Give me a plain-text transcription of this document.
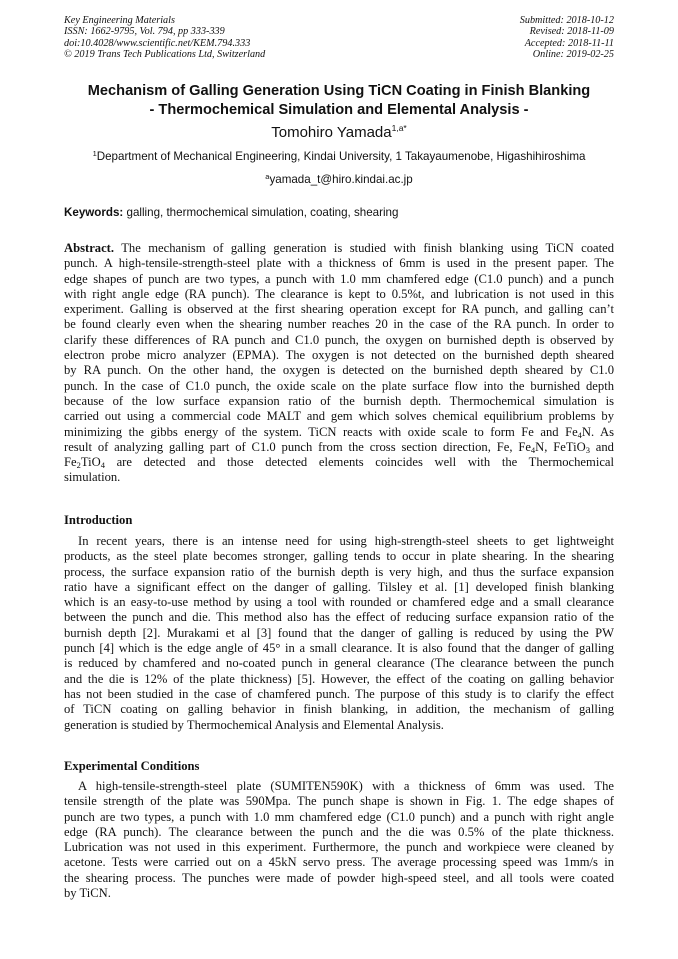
Key Engineering Materials
ISSN: 1662-9795, Vol. 794, pp 333-339
doi:10.4028/www.scientific.net/KEM.794.333
© 2019 Trans Tech Publications Ltd, Switzerland
Submitted: 2018-10-12
Revised: 2018-11-09
Accepted: 2018-11-11
Online: 2019-02-25
Mechanism of Galling Generation Using TiCN Coating in Finish Blanking
- Thermochemical Simulation and Elemental Analysis -
Tomohiro Yamada$^{1,a*}$
$^1$Department of Mechanical Engineering, Kindai University, 1 Takayaumenobe, Higashihiroshima
$^a$yamada_t@hiro.kindai.ac.jp
Keywords: galling, thermochemical simulation, coating, shearing
Abstract. The mechanism of galling generation is studied with finish blanking using TiCN coated
punch. A high-tensile-strength-steel plate with a thickness of 6mm is used in the present paper. The
edge shapes of punch are two types, a punch with 1.0 mm chamfered edge (C1.0 punch) and a punch
with right angle edge (RA punch). The clearance is kept to 0.5%t, and lubrication is not used in this
experiment. Galling is observed at the first shearing operation except for RA punch, and galling can’t
be found clearly even when the shearing number reaches 20 in the case of the RA punch. In order to
clarify these differences of RA punch and C1.0 punch, the oxygen on burnished depth is observed by
electron probe micro analyzer (EPMA). The oxygen is not detected on the burnished depth sheared
by RA punch. On the other hand, the oxygen is detected on the burnished depth sheared by C1.0
punch. In the case of C1.0 punch, the oxide scale on the plate surface flow into the burnished depth
because of the low surface expansion ratio of the burnish depth. Thermochemical simulation is
carried out using a commercial code MALT and gem which solves chemical equilibrium problems by
minimizing the gibbs energy of the system. TiCN reacts with oxide scale to form Fe and $Fe_4N$. As
result of analyzing galling part of C1.0 punch from the cross section direction, Fe, $Fe_4N$, FeTiO$_3$ and
$Fe_2TiO_4$ are detected and those detected elements coincides well with the Thermochemical
simulation.
Introduction
In recent years, there is an intense need for using high-strength-steel sheets to get lightweight
products, as the steel plate becomes stronger, galling tends to occur in plate shearing. In the shearing
process, the surface expansion ratio of the burnish depth is very high, and thus the surface expansion
ratio have a significant effect on the danger of galling. Tilsley et al. [1] developed finish blanking
which is an easy-to-use method by using a tool with rounded or chamfered edge and a small clearance
between the punch and die. This method also has the effect of reducing surface expansion ratio of the
burnish depth [2]. Murakami et al [3] found that the danger of galling is reduced by using the PW
punch [4] which is the edge angle of 45° in a small clearance. It is also found that the danger of galling
is reduced by chamfered and no-coated punch in general clearance (The clearance between the punch
and the die is 12% of the plate thickness) [5]. However, the effect of the coating on galling behavior
has not been studied in the case of chamfered punch. The purpose of this study is to clarify the effect
of TiCN coating on galling behavior in finish blanking, in addition, the mechanism of galling
generation is studied by Thermochemical Analysis and Elemental Analysis.
Experimental Conditions
A high-tensile-strength-steel plate (SUMITEN590K) with a thickness of 6mm was used. The
tensile strength of the plate was 590Mpa. The punch shape is shown in Fig. 1. The edge shapes of
punch are two types, a punch with 1.0 mm chamfered edge (C1.0 punch) and a punch with right angle
edge (RA punch). The clearance between the punch and the die was 0.5% of the plate thickness.
Lubrication was not used in this experiment. Furthermore, the punch and workpiece were cleaned by
acetone. Tests were carried out on a 45kN servo press. The average processing speed was 1mm/s in
the shearing process. The punches were made of powder high-speed steel, and all tools were coated
by TiCN.
